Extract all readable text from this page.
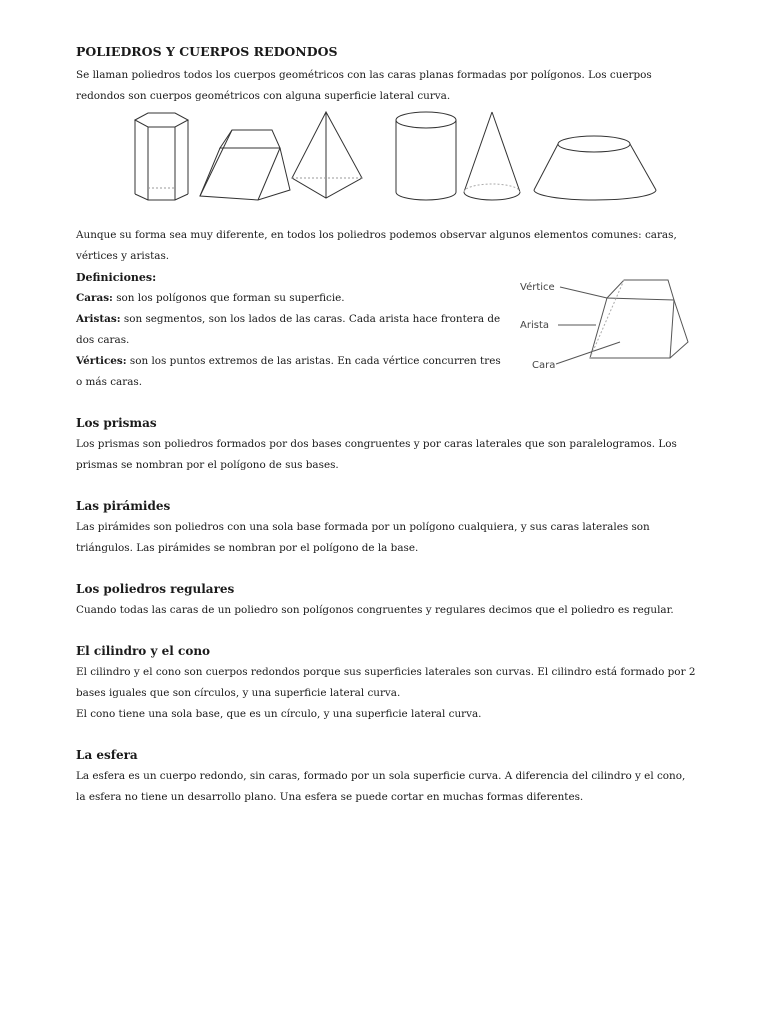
POLIEDROS Y CUERPOS REDONDOS

Se llaman poliedros todos los cuerpos geométricos con las caras planas formadas por polígonos. Los cuerpos redondos son cuerpos geométricos con alguna superficie lateral curva.

Aunque su forma sea muy diferente, en todos los poliedros podemos observar algunos elementos comunes: caras, vértices y aristas.

Definiciones:

Caras: son los polígonos que forman su superficie.

Aristas: son segmentos, son los lados de las caras. Cada arista hace frontera de dos caras.

Vértices: son los puntos extremos de las aristas. En cada vértice concurren tres o más caras.

Los prismas

Los prismas son poliedros formados por dos bases congruentes y por caras laterales que son paralelogramos. Los prismas se nombran por el polígono de sus bases.

Las pirámides

Las pirámides son poliedros con una sola base formada por un polígono cualquiera, y sus caras laterales son triángulos. Las pirámides se nombran por el polígono de la base.

Los poliedros regulares

Cuando todas las caras de un poliedro son polígonos congruentes y regulares decimos que el poliedro es regular.

El cilindro y el cono

El cilindro y el cono son cuerpos redondos porque sus superficies laterales son curvas. El cilindro está formado por 2 bases iguales que son círculos, y una superficie lateral curva.

El cono tiene una sola base, que es un círculo, y una superficie lateral curva.

La esfera

La esfera es un cuerpo redondo, sin caras, formado por un sola superficie curva. A diferencia del cilindro y el cono, la esfera no tiene un desarrollo plano. Una esfera se puede cortar en muchas formas diferentes.

Vértice
Arista
Cara
